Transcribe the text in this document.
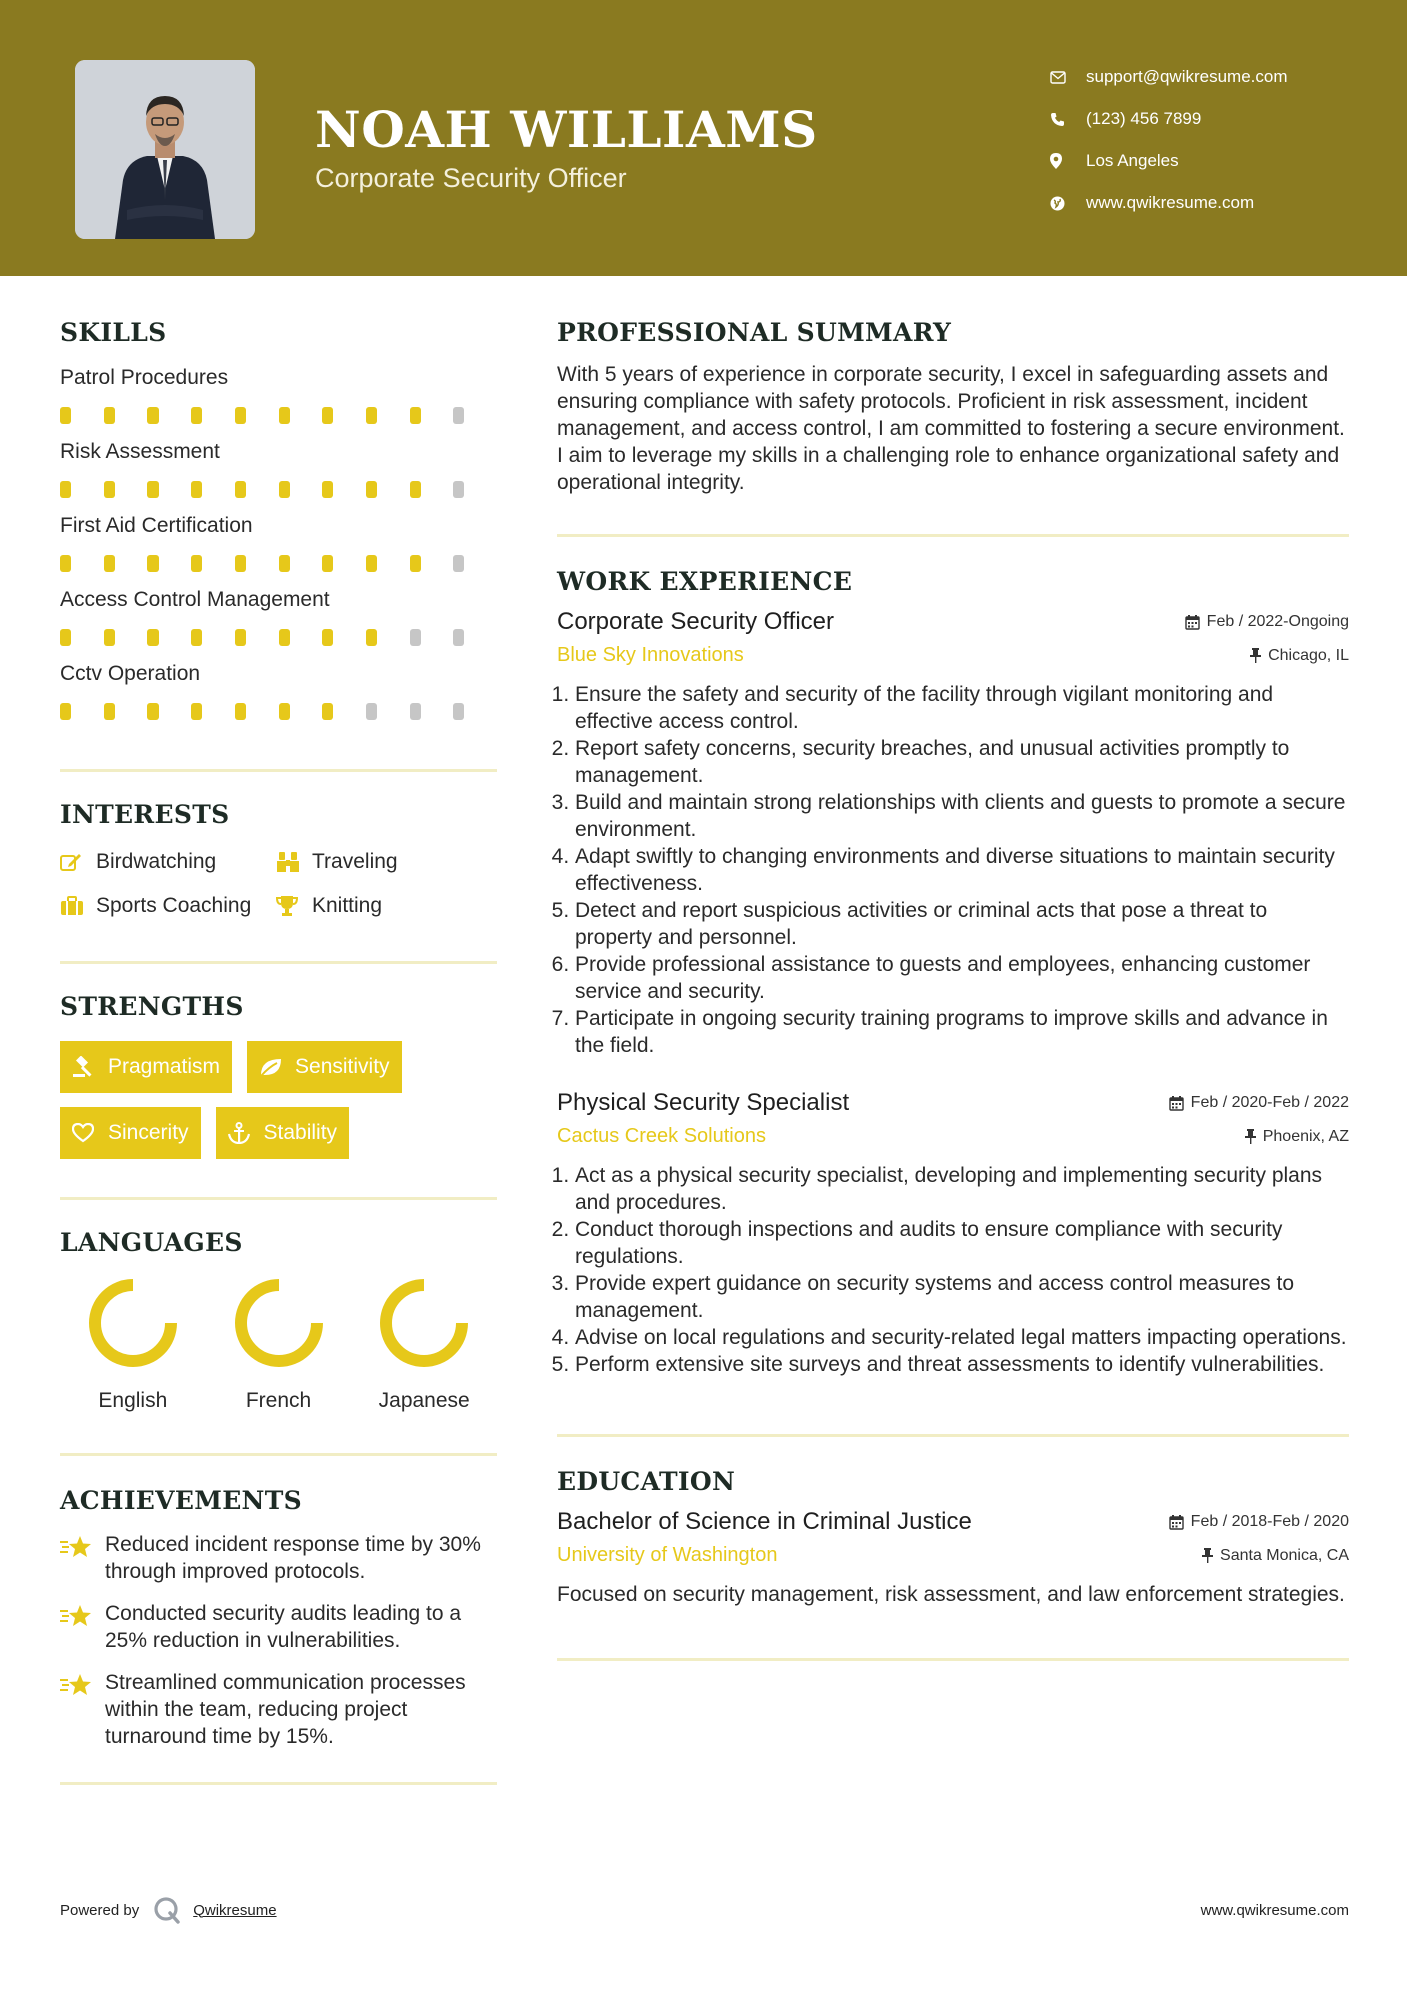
NOAH WILLIAMS
Corporate Security Officer
support@qwikresume.com
(123) 456 7899
Los Angeles
www.qwikresume.com
SKILLS
Patrol Procedures
Risk Assessment
First Aid Certification
Access Control Management
Cctv Operation
INTERESTS
Birdwatching	Traveling
Sports Coaching	Knitting
STRENGTHS
Pragmatism	Sensitivity
Sincerity	Stability
LANGUAGES
English	French	Japanese
ACHIEVEMENTS
Reduced incident response time by 30% through improved protocols.
Conducted security audits leading to a 25% reduction in vulnerabilities.
Streamlined communication processes within the team, reducing project turnaround time by 15%.
PROFESSIONAL SUMMARY
With 5 years of experience in corporate security, I excel in safeguarding assets and ensuring compliance with safety protocols. Proficient in risk assessment, incident management, and access control, I am committed to fostering a secure environment. I aim to leverage my skills in a challenging role to enhance organizational safety and operational integrity.
WORK EXPERIENCE
Corporate Security Officer	Feb / 2022-Ongoing
Blue Sky Innovations	Chicago, IL
1. Ensure the safety and security of the facility through vigilant monitoring and effective access control.
2. Report safety concerns, security breaches, and unusual activities promptly to management.
3. Build and maintain strong relationships with clients and guests to promote a secure environment.
4. Adapt swiftly to changing environments and diverse situations to maintain security effectiveness.
5. Detect and report suspicious activities or criminal acts that pose a threat to property and personnel.
6. Provide professional assistance to guests and employees, enhancing customer service and security.
7. Participate in ongoing security training programs to improve skills and advance in the field.
Physical Security Specialist	Feb / 2020-Feb / 2022
Cactus Creek Solutions	Phoenix, AZ
1. Act as a physical security specialist, developing and implementing security plans and procedures.
2. Conduct thorough inspections and audits to ensure compliance with security regulations.
3. Provide expert guidance on security systems and access control measures to management.
4. Advise on local regulations and security-related legal matters impacting operations.
5. Perform extensive site surveys and threat assessments to identify vulnerabilities.
EDUCATION
Bachelor of Science in Criminal Justice	Feb / 2018-Feb / 2020
University of Washington	Santa Monica, CA
Focused on security management, risk assessment, and law enforcement strategies.
Powered by	Qwikresume	www.qwikresume.com
